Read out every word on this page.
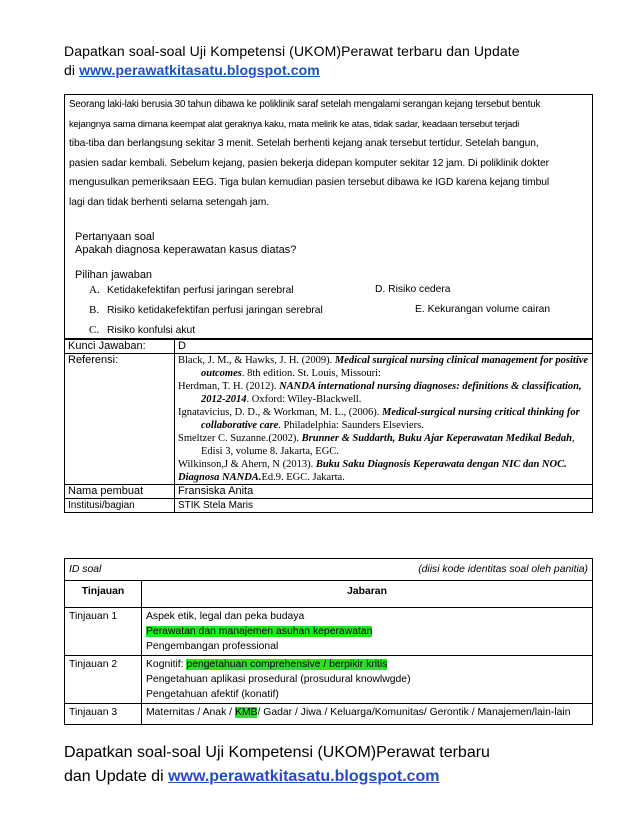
Dapatkan soal-soal Uji Kompetensi (UKOM)Perawat terbaru dan Update
di www.perawatkitasatu.blogspot.com
Seorang laki-laki berusia 30 tahun dibawa ke poliklinik saraf setelah mengalami serangan kejang tersebut bentuk
kejangnya sama dimana keempat alat geraknya kaku, mata melirik ke atas, tidak sadar, keadaan tersebut terjadi
tiba-tiba dan berlangsung sekitar 3 menit. Setelah berhenti kejang anak tersebut tertidur. Setelah bangun,
pasien sadar kembali. Sebelum kejang, pasien bekerja didepan komputer sekitar 12 jam. Di poliklinik dokter
mengusulkan pemeriksaan EEG. Tiga bulan kemudian pasien tersebut dibawa ke IGD karena kejang timbul
lagi dan tidak berhenti selama setengah jam.
Pertanyaan soal
Apakah diagnosa keperawatan kasus diatas?
Pilihan jawaban
A. Ketidakefektifan perfusi jaringan serebral	D. Risiko cedera
B. Risiko ketidakefektifan perfusi jaringan serebral	E. Kekurangan volume cairan
C. Risiko konfulsi akut
Kunci Jawaban:	D
Referensi:	Black, J. M., & Hawks, J. H. (2009). Medical surgical nursing clinical management for positive outcomes. 8th edition. St. Louis, Missouri:

Herdman, T. H. (2012). NANDA international nursing diagnoses: definitions & classification, 2012-2014. Oxford: Wiley-Blackwell.

Ignatavicius, D. D., & Workman, M. L., (2006). Medical-surgical nursing critical thinking for collaborative care. Philadelphia: Saunders Elseviers.

Smeltzer C. Suzanne.(2002). Brunner & Suddarth, Buku Ajar Keperawatan Medikal Bedah, Edisi 3, volume 8. Jakarta, EGC.

Wilkinson,J & Ahern, N (2013). Buku Saku Diagnosis Keperawata dengan NIC dan NOC. Diagnosa NANDA.Ed.9. EGC. Jakarta.

Nama pembuat	Fransiska Anita
Institusi/bagian	STIK Stela Maris
ID soal (diisi kode identitas soal oleh panitia)	

Tinjauan	Jabaran
Tinjauan 1	Aspek etik, legal dan peka budaya
Perawatan dan manajemen asuhan keperawatan
Pengembangan professional

Tinjauan 2	Kognitif: pengetahuan comprehensive / berpikir kritis
Pengetahuan aplikasi prosedural (prosudural knowlwgde)
Pengetahuan afektif (konatif)

Tinjauan 3	Maternitas / Anak / KMB/ Gadar / Jiwa / Keluarga/Komunitas/ Gerontik / Manajemen/lain-lain
Dapatkan soal-soal Uji Kompetensi (UKOM)Perawat terbaru
dan Update di www.perawatkitasatu.blogspot.com
